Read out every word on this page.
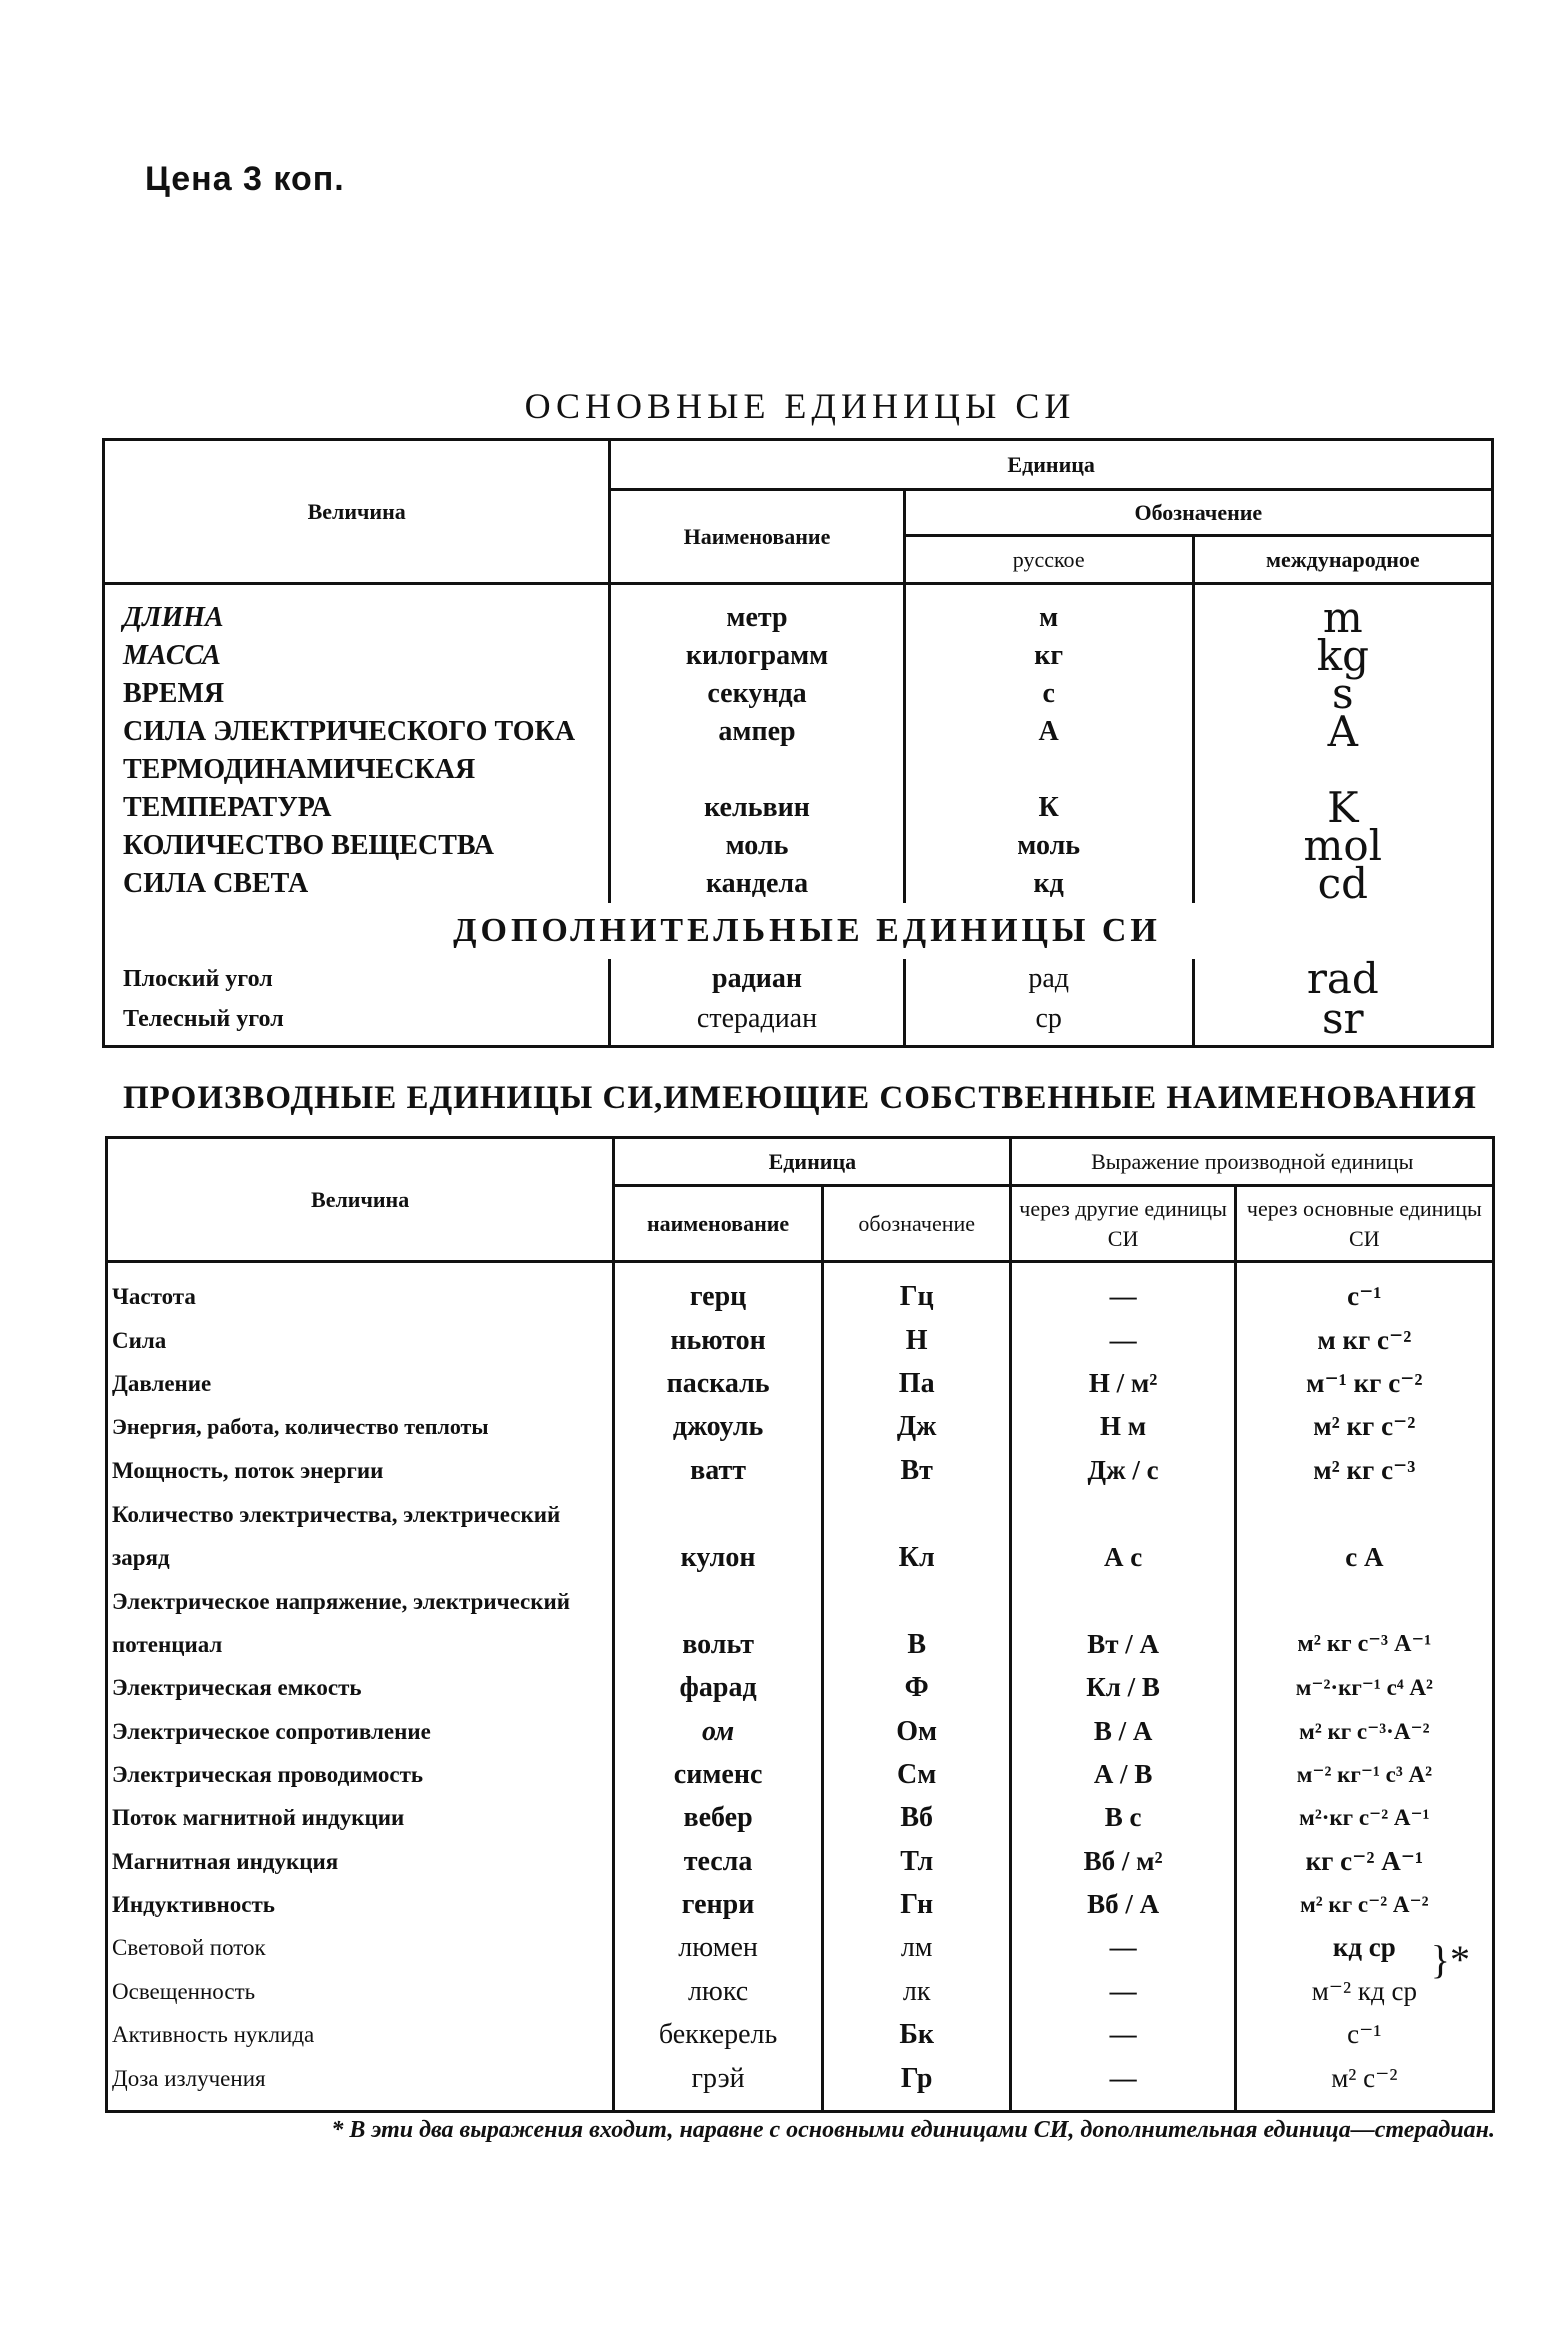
Цена 3 коп.
ОСНОВНЫЕ ЕДИНИЦЫ СИ
Величина	Единица		
	Наименование	Обозначение	
		русское	международное
ДЛИНА	метр	м	m
МАССА	килограмм	кг	kg
ВРЕМЯ	секунда	с	s
СИЛА ЭЛЕКТРИЧЕСКОГО ТОКА	ампер	А	A
ТЕРМОДИНАМИЧЕСКАЯ			
ТЕМПЕРАТУРА	кельвин	К	K
КОЛИЧЕСТВО ВЕЩЕСТВА	моль	моль	mol
СИЛА СВЕТА	кандела	кд	cd
ДОПОЛНИТЕЛЬНЫЕ ЕДИНИЦЫ СИ			
Плоский угол	радиан	рад	rad
Телесный угол	стерадиан	ср	sr
ПРОИЗВОДНЫЕ ЕДИНИЦЫ СИ,ИМЕЮЩИЕ СОБСТВЕННЫЕ НАИМЕНОВАНИЯ
Величина	Единица		Выражение производной единицы	
	наименование	обозначение	через другие единицы СИ	через основные единицы СИ
Частота	герц	Гц	—	с⁻¹
Сила	ньютон	Н	—	м кг с⁻²
Давление	паскаль	Па	Н / м²	м⁻¹ кг с⁻²
Энергия, работа, количество теплоты	джоуль	Дж	Н м	м² кг с⁻²
Мощность, поток энергии	ватт	Вт	Дж / с	м² кг с⁻³
Количество электричества, электрический заряд	кулон	Кл	А с	с А
Электрическое напряжение, электрический потенциал	вольт	В	Вт / А	м² кг с⁻³ А⁻¹
Электрическая емкость	фарад	Ф	Кл / В	м⁻²·кг⁻¹ с⁴ А²
Электрическое сопротивление	ом	Ом	В / А	м² кг с⁻³·А⁻²
Электрическая проводимость	сименс	См	А / В	м⁻² кг⁻¹ с³ А²
Поток магнитной индукции	вебер	Вб	В с	м²·кг с⁻² А⁻¹
Магнитная индукция	тесла	Тл	Вб / м²	кг с⁻² А⁻¹
Индуктивность	генри	Гн	Вб / А	м² кг с⁻² А⁻²
Световой поток	люмен	лм	—	кд ср }*

Освещенность	люкс	лк	—	м⁻² кд ср
Активность нуклида	беккерель	Бк	—	с⁻¹
Доза излучения	грэй	Гр	—	м² с⁻²
* В эти два выражения входит, наравне с основными единицами СИ, дополнительная единица—стерадиан.
